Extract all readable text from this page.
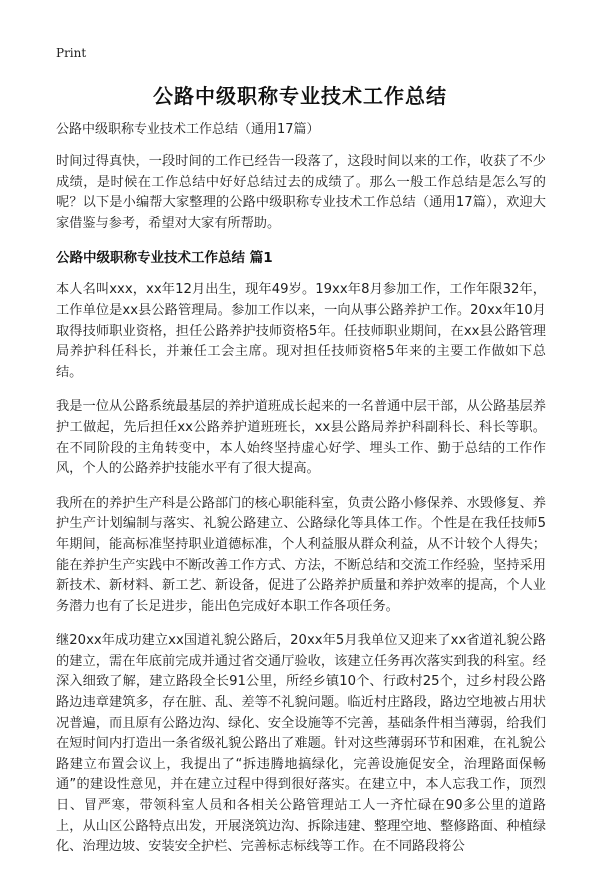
Print
公路中级职称专业技术工作总结

公路中级职称专业技术工作总结（通用17篇）

时间过得真快，一段时间的工作已经告一段落了，这段时间以来的工作，收获了不少成绩，是时候在工作总结中好好总结过去的成绩了。那么一般工作总结是怎么写的呢？以下是小编帮大家整理的公路中级职称专业技术工作总结（通用17篇），欢迎大家借鉴与参考，希望对大家有所帮助。

公路中级职称专业技术工作总结 篇1

本人名叫xxx，xx年12月出生，现年49岁。19xx年8月参加工作，工作年限32年，工作单位是xx县公路管理局。参加工作以来，一向从事公路养护工作。20xx年10月取得技师职业资格，担任公路养护技师资格5年。任技师职业期间，在xx县公路管理局养护科任科长，并兼任工会主席。现对担任技师资格5年来的主要工作做如下总结。

我是一位从公路系统最基层的养护道班成长起来的一名普通中层干部，从公路基层养护工做起，先后担任xx公路养护道班班长，xx县公路局养护科副科长、科长等职。在不同阶段的主角转变中，本人始终坚持虚心好学、埋头工作、勤于总结的工作作风，个人的公路养护技能水平有了很大提高。

我所在的养护生产科是公路部门的核心职能科室，负责公路小修保养、水毁修复、养护生产计划编制与落实、礼貌公路建立、公路绿化等具体工作。个性是在我任技师5年期间，能高标准坚持职业道德标准，个人利益服从群众利益，从不计较个人得失；能在养护生产实践中不断改善工作方式、方法，不断总结和交流工作经验，坚持采用新技术、新材料、新工艺、新设备，促进了公路养护质量和养护效率的提高，个人业务潜力也有了长足进步，能出色完成好本职工作各项任务。

继20xx年成功建立xx国道礼貌公路后，20xx年5月我单位又迎来了xx省道礼貌公路的建立，需在年底前完成并通过省交通厅验收，该建立任务再次落实到我的科室。经深入细致了解，建立路段全长91公里，所经乡镇10个、行政村25个，过乡村段公路路边违章建筑多，存在脏、乱、差等不礼貌问题。临近村庄路段，路边空地被占用状况普遍，而且原有公路边沟、绿化、安全设施等不完善，基础条件相当薄弱，给我们在短时间内打造出一条省级礼貌公路出了难题。针对这些薄弱环节和困难，在礼貌公路建立布置会议上，我提出了“拆违腾地搞绿化，完善设施促安全，治理路面保畅通”的建设性意见，并在建立过程中得到很好落实。在建立中，本人忘我工作，顶烈日、冒严寒，带领科室人员和各相关公路管理站工人一齐忙碌在90多公里的道路上，从山区公路特点出发，开展浇筑边沟、拆除违建、整理空地、整修路面、种植绿化、治理边坡、安装安全护栏、完善标志标线等工作。在不同路段将公
